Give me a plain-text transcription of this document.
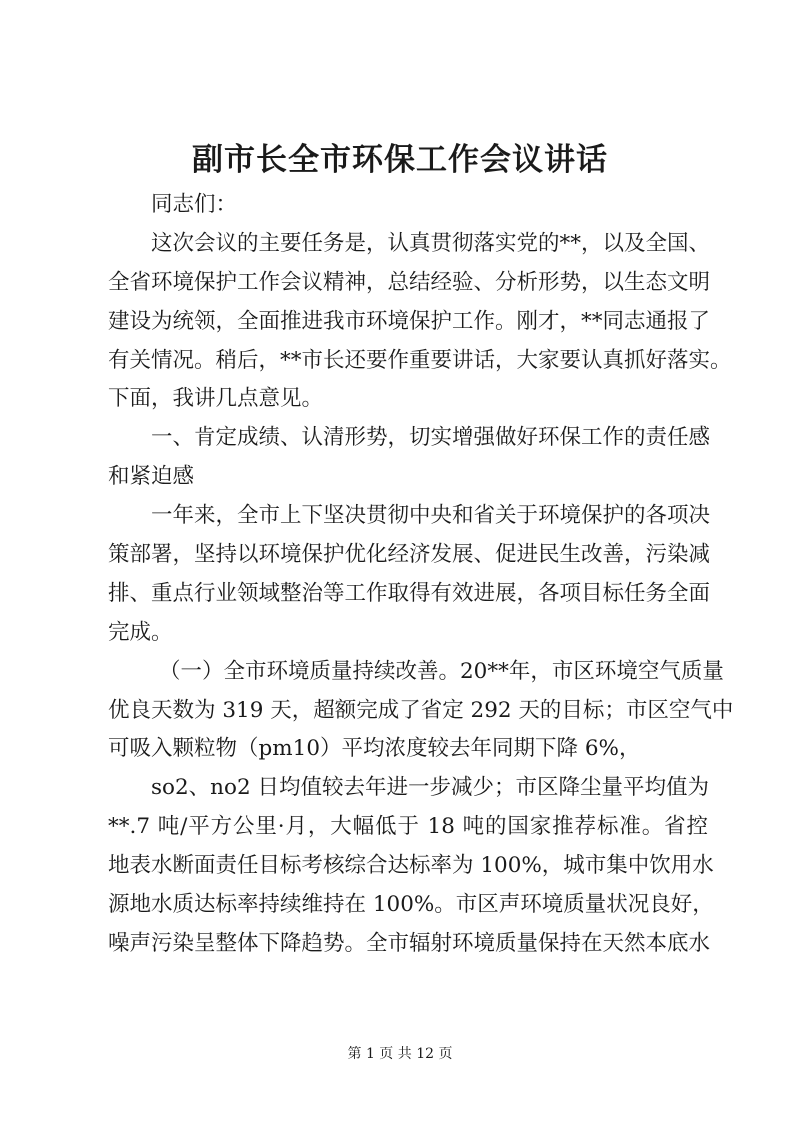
副市长全市环保工作会议讲话
同志们：
这次会议的主要任务是，认真贯彻落实党的**，以及全国、
全省环境保护工作会议精神，总结经验、分析形势，以生态文明
建设为统领，全面推进我市环境保护工作。刚才，**同志通报了
有关情况。稍后，**市长还要作重要讲话，大家要认真抓好落实。
下面，我讲几点意见。
一、肯定成绩、认清形势，切实增强做好环保工作的责任感
和紧迫感
一年来，全市上下坚决贯彻中央和省关于环境保护的各项决
策部署，坚持以环境保护优化经济发展、促进民生改善，污染减
排、重点行业领域整治等工作取得有效进展，各项目标任务全面
完成。
（一）全市环境质量持续改善。20**年，市区环境空气质量
优良天数为 319 天，超额完成了省定 292 天的目标；市区空气中
可吸入颗粒物（pm10）平均浓度较去年同期下降 6%，
so2、no2 日均值较去年进一步减少；市区降尘量平均值为
**.7 吨/平方公里·月，大幅低于 18 吨的国家推荐标准。省控
地表水断面责任目标考核综合达标率为 100%，城市集中饮用水
源地水质达标率持续维持在 100%。市区声环境质量状况良好，
噪声污染呈整体下降趋势。全市辐射环境质量保持在天然本底水
第 1 页 共 12 页
